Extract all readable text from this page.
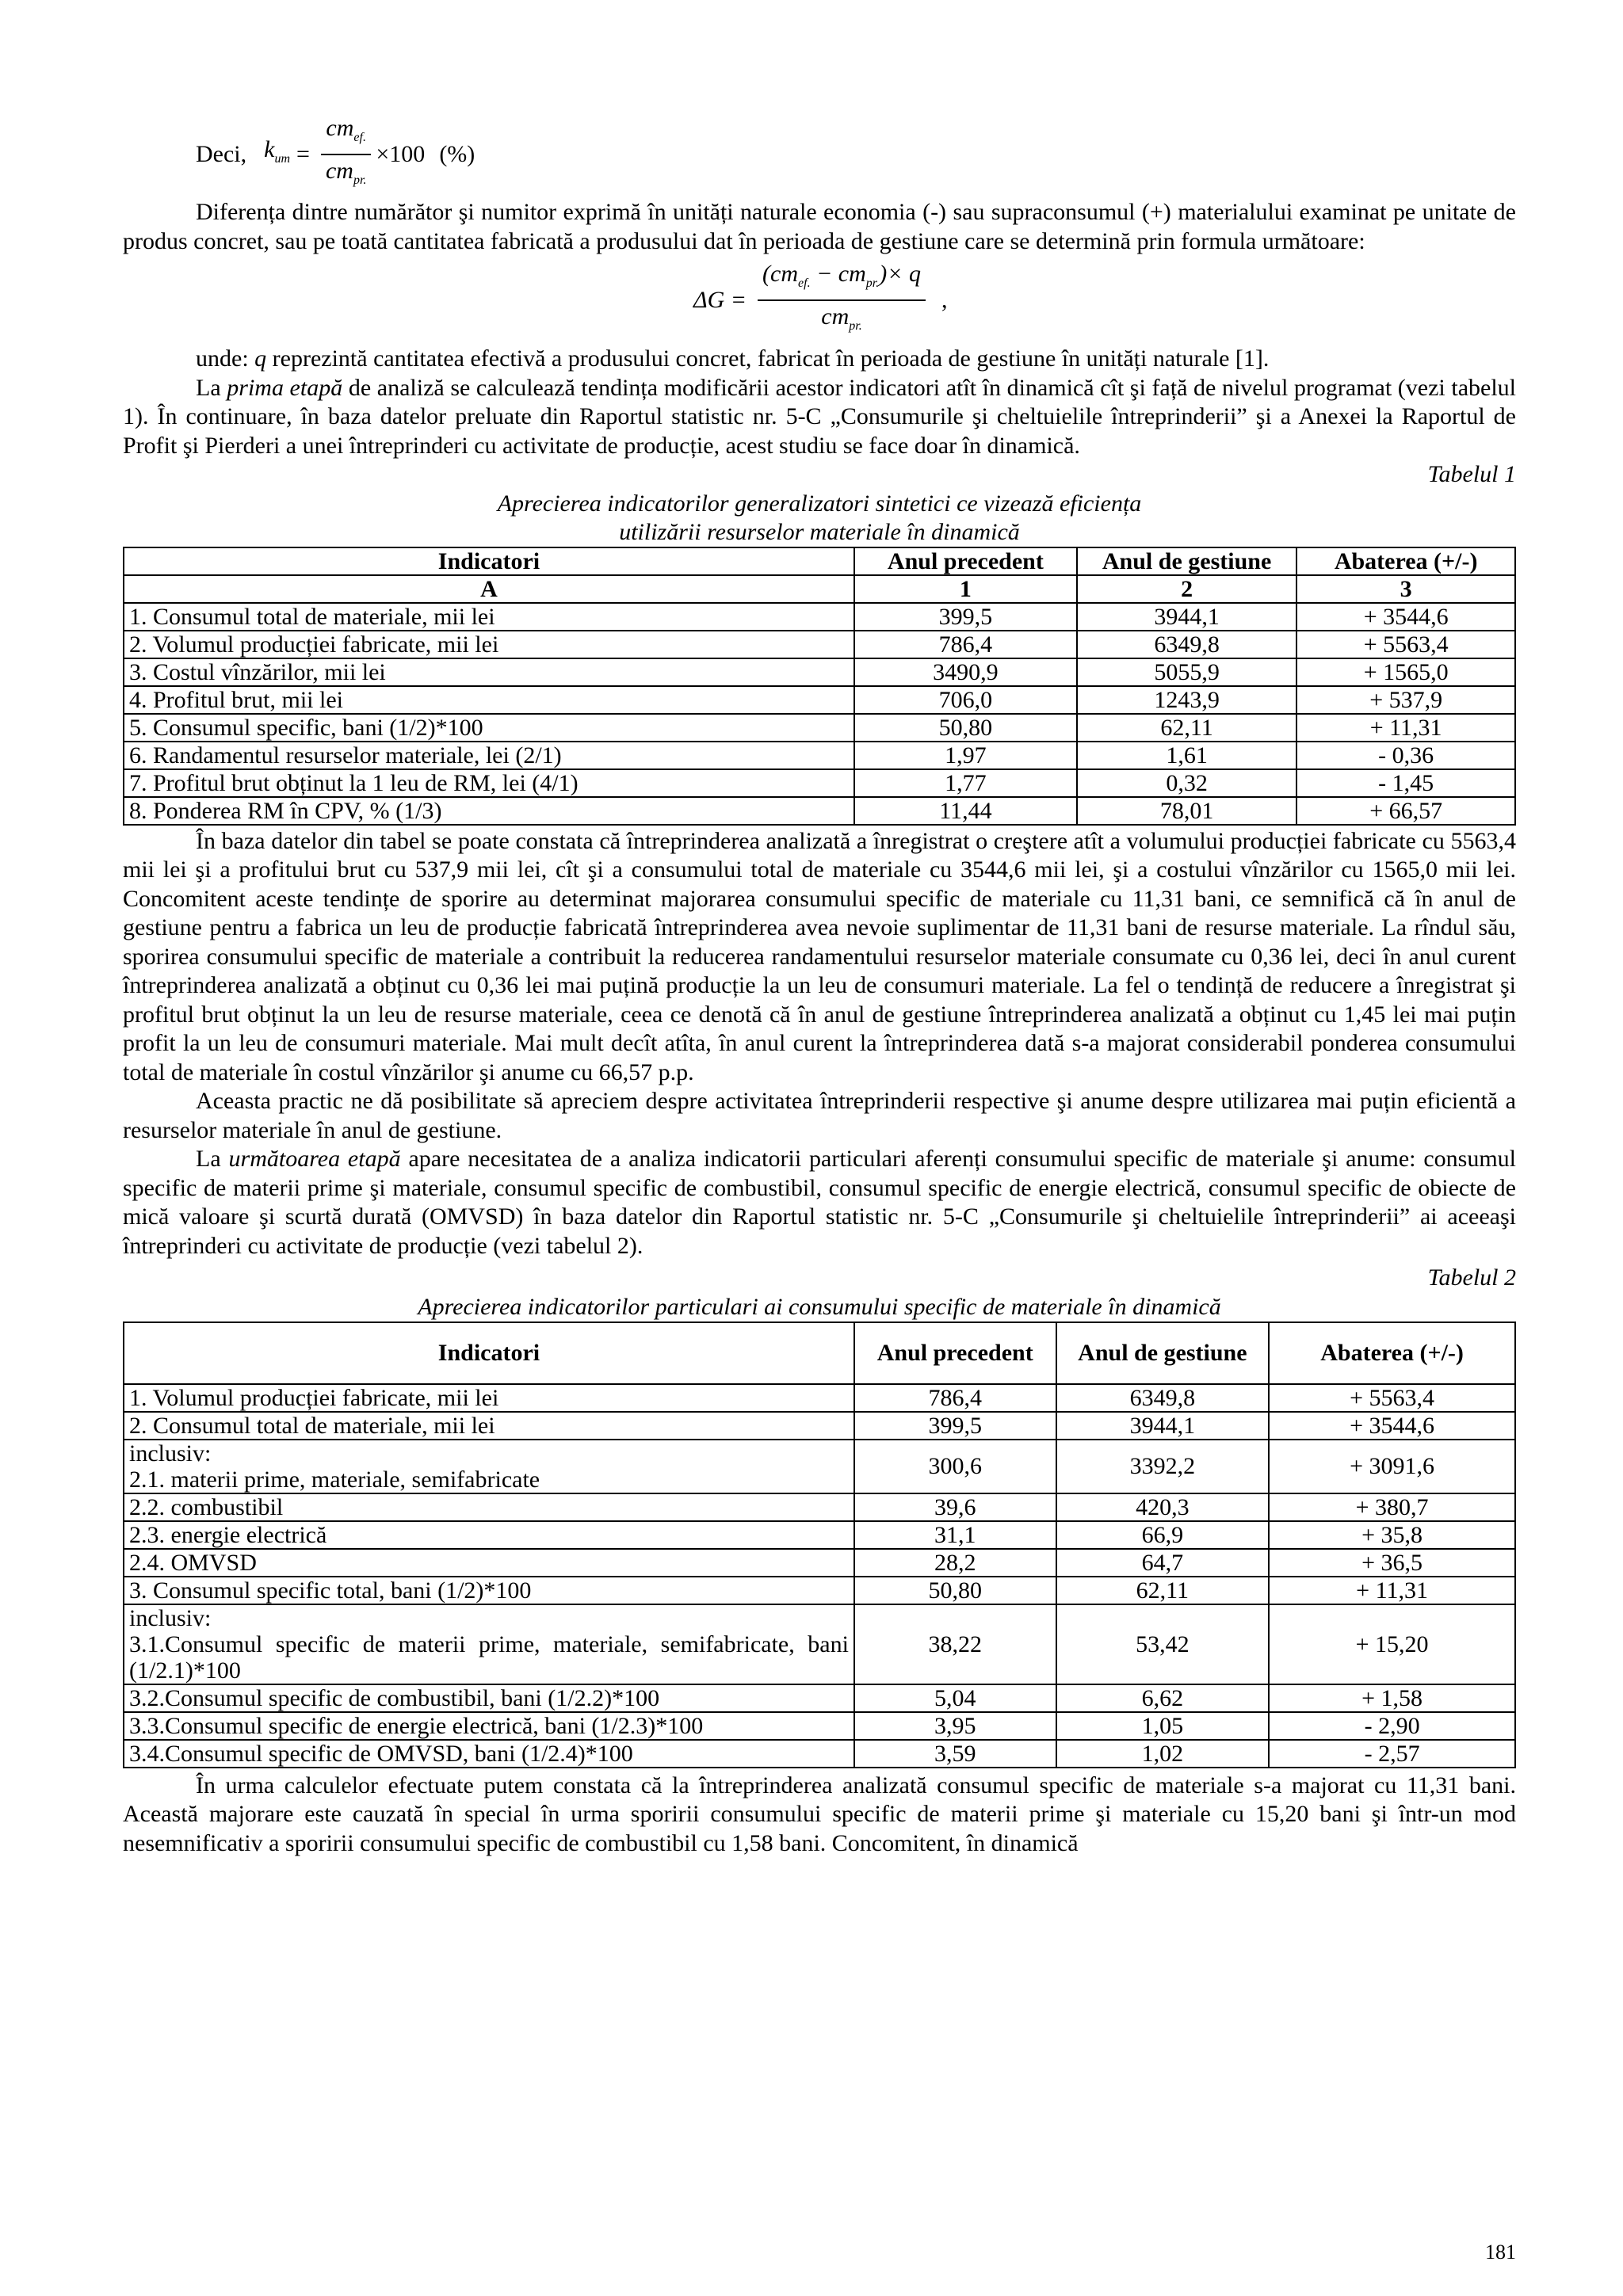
Deci, $k_{um} = \frac{cm_{ef.}}{cm_{pr.}} \times 100$ (%)

Diferența dintre numărător şi numitor exprimă în unități naturale economia (-) sau supraconsumul (+) materialului examinat pe unitate de produs concret, sau pe toată cantitatea fabricată a produsului dat în perioada de gestiune care se determină prin formula următoare:

$\Delta G = \frac{(cm_{ef.} - cm_{pr.})\times q}{cm_{pr.}}$ ,

unde: q reprezintă cantitatea efectivă a produsului concret, fabricat în perioada de gestiune în unități naturale [1].

La prima etapă de analiză se calculează tendința modificării acestor indicatori atît în dinamică cît şi față de nivelul programat (vezi tabelul 1). În continuare, în baza datelor preluate din Raportul statistic nr. 5-C „Consumurile şi cheltuielile întreprinderii” şi a Anexei la Raportul de Profit şi Pierderi a unei întreprinderi cu activitate de producție, acest studiu se face doar în dinamică.

Tabelul 1
Aprecierea indicatorilor generalizatori sintetici ce vizează eficiența
utilizării resurselor materiale în dinamică
Indicatori	Anul precedent	Anul de gestiune	Abaterea (+/-)
A	1	2	3
1. Consumul total de materiale, mii lei	399,5	3944,1	+ 3544,6
2. Volumul producției fabricate, mii lei	786,4	6349,8	+ 5563,4
3. Costul vînzărilor, mii lei	3490,9	5055,9	+ 1565,0
4. Profitul brut, mii lei	706,0	1243,9	+ 537,9
5. Consumul specific, bani (1/2)*100	50,80	62,11	+ 11,31
6. Randamentul resurselor materiale, lei (2/1)	1,97	1,61	- 0,36
7. Profitul brut obținut la 1 leu de RM, lei (4/1)	1,77	0,32	- 1,45
8. Ponderea RM în CPV, % (1/3)	11,44	78,01	+ 66,57

În baza datelor din tabel se poate constata că întreprinderea analizată a înregistrat o creştere atît a volumului producției fabricate cu 5563,4 mii lei şi a profitului brut cu 537,9 mii lei, cît şi a consumului total de materiale cu 3544,6 mii lei, şi a costului vînzărilor cu 1565,0 mii lei. Concomitent aceste tendințe de sporire au determinat majorarea consumului specific de materiale cu 11,31 bani, ce semnifică că în anul de gestiune pentru a fabrica un leu de producție fabricată întreprinderea avea nevoie suplimentar de 11,31 bani de resurse materiale. La rîndul său, sporirea consumului specific de materiale a contribuit la reducerea randamentului resurselor materiale consumate cu 0,36 lei, deci în anul curent întreprinderea analizată a obținut cu 0,36 lei mai puțină producție la un leu de consumuri materiale. La fel o tendință de reducere a înregistrat şi profitul brut obținut la un leu de resurse materiale, ceea ce denotă că în anul de gestiune întreprinderea analizată a obținut cu 1,45 lei mai puțin profit la un leu de consumuri materiale. Mai mult decît atîta, în anul curent la întreprinderea dată s-a majorat considerabil ponderea consumului total de materiale în costul vînzărilor şi anume cu 66,57 p.p.

Aceasta practic ne dă posibilitate să apreciem despre activitatea întreprinderii respective şi anume despre utilizarea mai puțin eficientă a resurselor materiale în anul de gestiune.

La următoarea etapă apare necesitatea de a analiza indicatorii particulari aferenți consumului specific de materiale şi anume: consumul specific de materii prime şi materiale, consumul specific de combustibil, consumul specific de energie electrică, consumul specific de obiecte de mică valoare şi scurtă durată (OMVSD) în baza datelor din Raportul statistic nr. 5-C „Consumurile şi cheltuielile întreprinderii” ai aceeaşi întreprinderi cu activitate de producție (vezi tabelul 2).

Tabelul 2
Aprecierea indicatorilor particulari ai consumului specific de materiale în dinamică
Indicatori	Anul precedent	Anul de gestiune	Abaterea (+/-)
1. Volumul producției fabricate, mii lei	786,4	6349,8	+ 5563,4
2. Consumul total de materiale, mii lei	399,5	3944,1	+ 3544,6
inclusiv:
2.1. materii prime, materiale, semifabricate	300,6	3392,2	+ 3091,6
2.2. combustibil	39,6	420,3	+ 380,7
2.3. energie electrică	31,1	66,9	+ 35,8
2.4. OMVSD	28,2	64,7	+ 36,5
3. Consumul specific total, bani (1/2)*100	50,80	62,11	+ 11,31
inclusiv:
3.1.Consumul specific de materii prime, materiale, semifabricate, bani (1/2.1)*100	38,22	53,42	+ 15,20
3.2.Consumul specific de combustibil, bani (1/2.2)*100	5,04	6,62	+ 1,58
3.3.Consumul specific de energie electrică, bani (1/2.3)*100	3,95	1,05	- 2,90
3.4.Consumul specific de OMVSD, bani (1/2.4)*100	3,59	1,02	- 2,57

În urma calculelor efectuate putem constata că la întreprinderea analizată consumul specific de materiale s-a majorat cu 11,31 bani. Această majorare este cauzată în special în urma sporirii consumului specific de materii prime şi materiale cu 15,20 bani şi într-un mod nesemnificativ a sporirii consumului specific de combustibil cu 1,58 bani. Concomitent, în dinamică

181
